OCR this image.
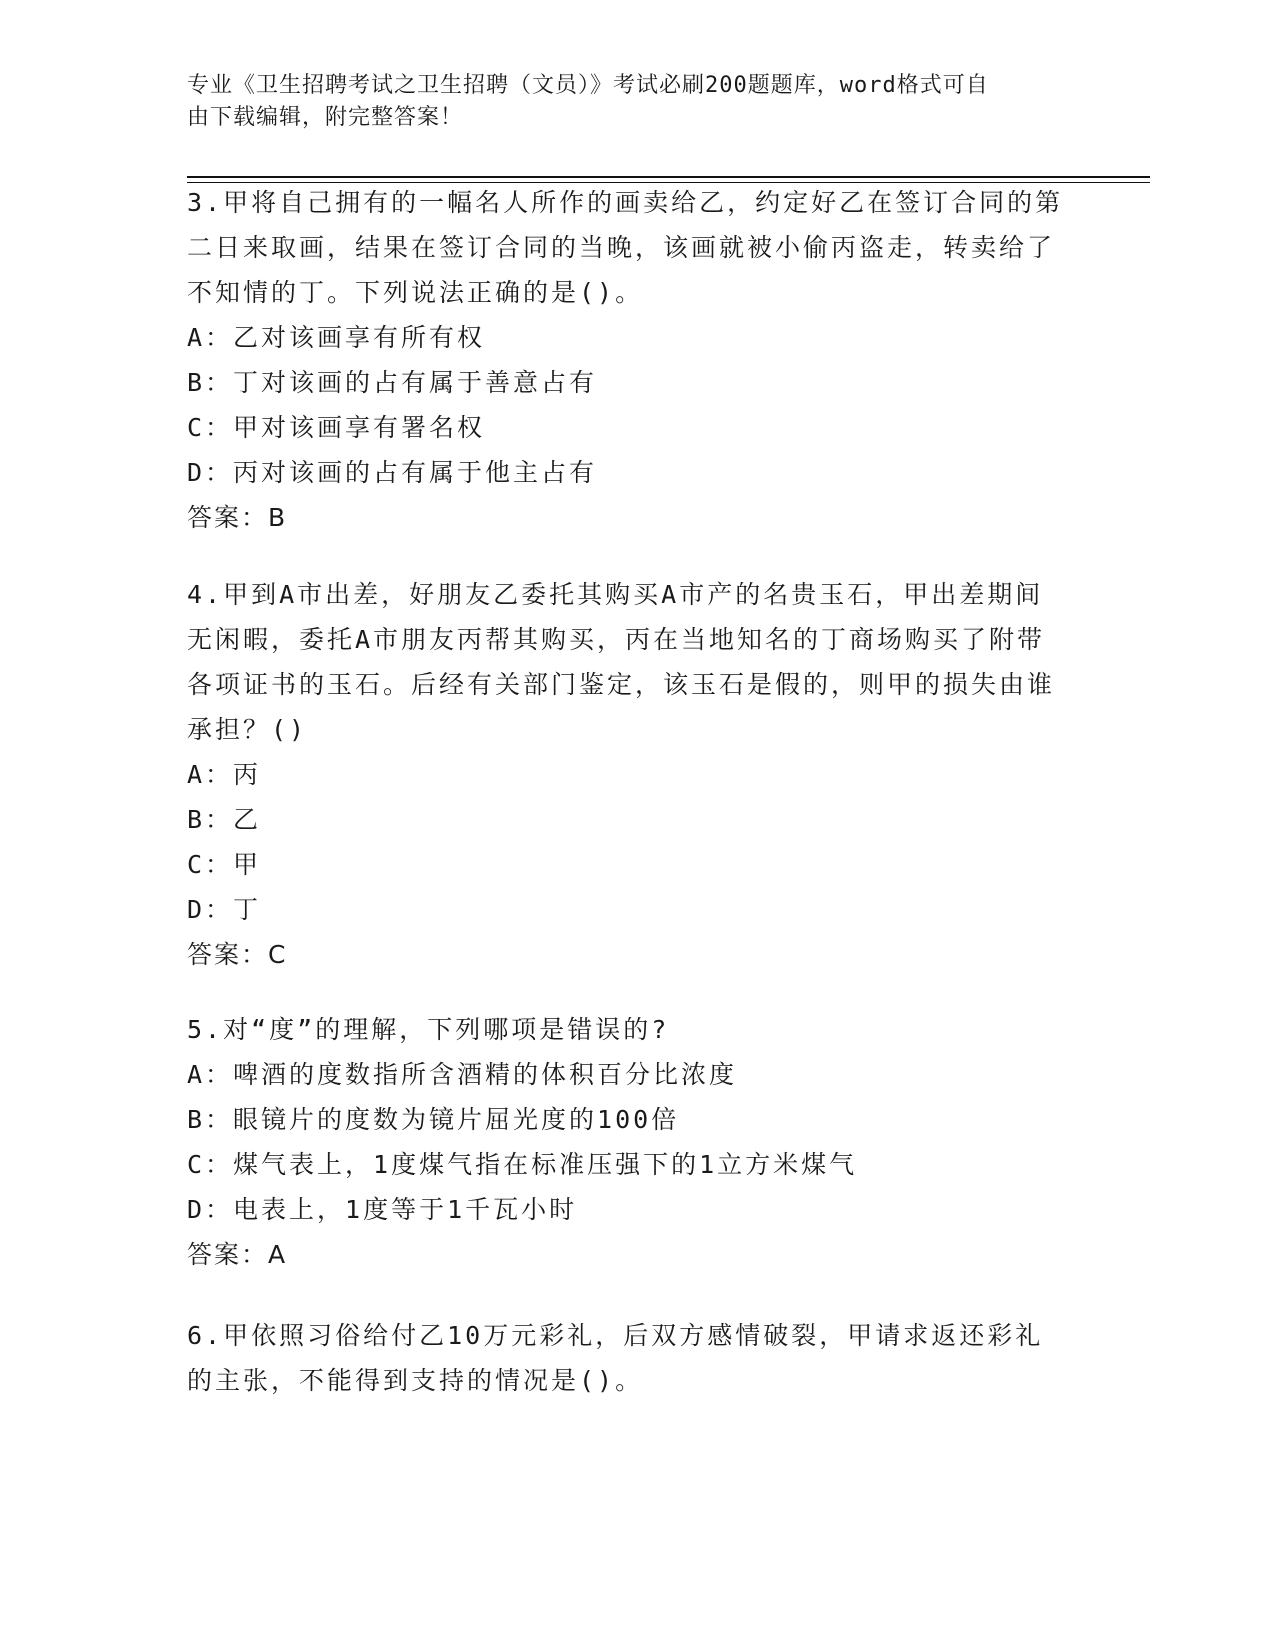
专业《卫生招聘考试之卫生招聘（文员）》考试必刷200题题库，word格式可自
由下载编辑，附完整答案！
3.甲将自己拥有的一幅名人所作的画卖给乙，约定好乙在签订合同的第二日来取画，结果在签订合同的当晚，该画就被小偷丙盗走，转卖给了不知情的丁。下列说法正确的是()。
A：乙对该画享有所有权
B：丁对该画的占有属于善意占有
C：甲对该画享有署名权
D：丙对该画的占有属于他主占有
答案：B
4.甲到A市出差，好朋友乙委托其购买A市产的名贵玉石，甲出差期间无闲暇，委托A市朋友丙帮其购买，丙在当地知名的丁商场购买了附带各项证书的玉石。后经有关部门鉴定，该玉石是假的，则甲的损失由谁承担？()
A：丙
B：乙
C：甲
D：丁
答案：C
5.对“度”的理解，下列哪项是错误的?
A：啤酒的度数指所含酒精的体积百分比浓度
B：眼镜片的度数为镜片屈光度的100倍
C：煤气表上，1度煤气指在标准压强下的1立方米煤气
D：电表上，1度等于1千瓦小时
答案：A
6.甲依照习俗给付乙10万元彩礼，后双方感情破裂，甲请求返还彩礼的主张，不能得到支持的情况是()。
